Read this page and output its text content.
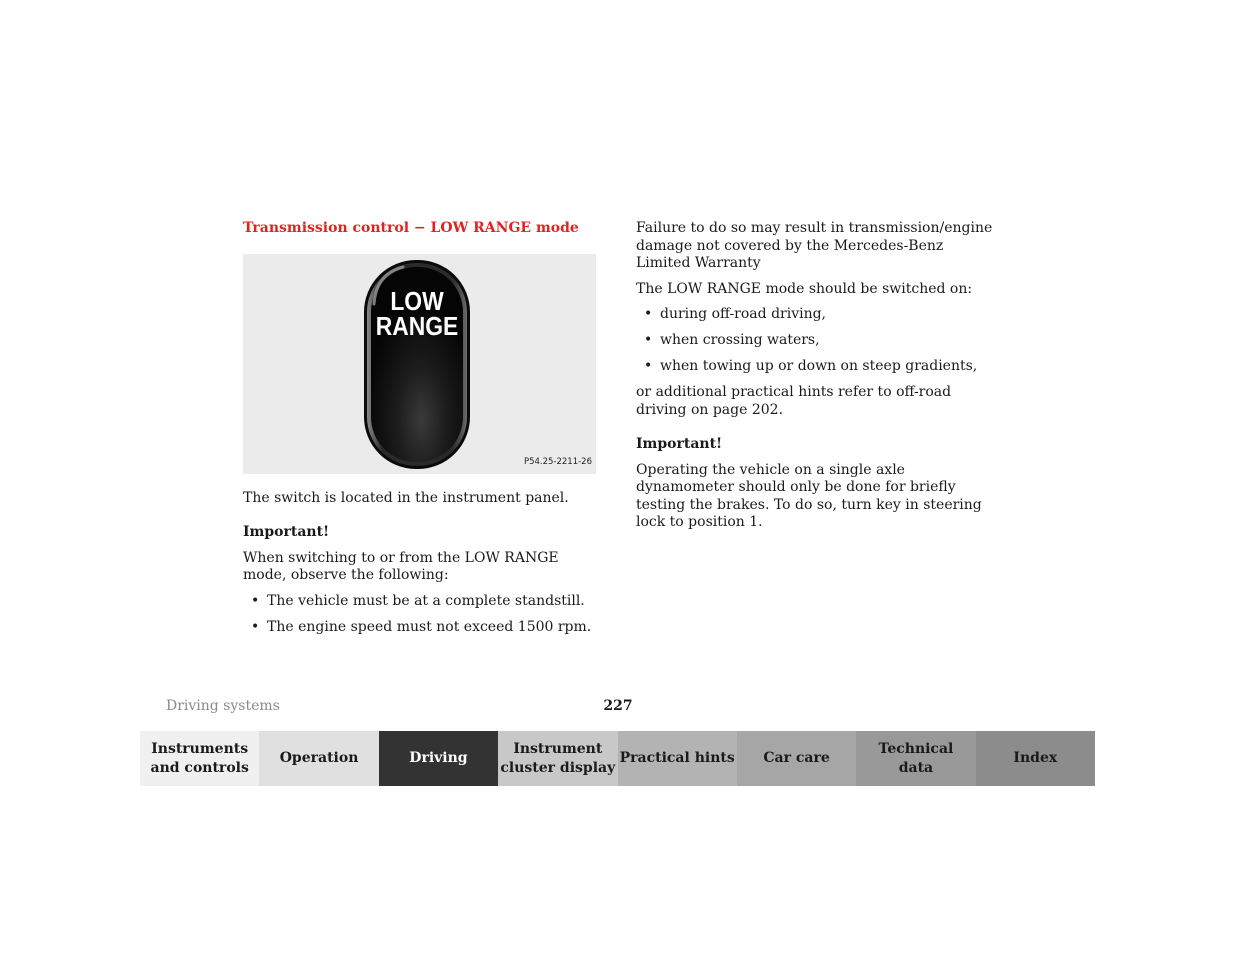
Transmission control − LOW RANGE mode
LOW
RANGE
P54.25-2211-26

The switch is located in the instrument panel.

Important!

When switching to or from the LOW RANGE mode, observe the following:

• The vehicle must be at a complete standstill.
• The engine speed must not exceed 1500 rpm.

Failure to do so may result in transmission/engine damage not covered by the Mercedes-Benz Limited Warranty

The LOW RANGE mode should be switched on:

• during off-road driving,
• when crossing waters,
• when towing up or down on steep gradients,

or additional practical hints refer to off-road driving on page 202.

Important!

Operating the vehicle on a single axle dynamometer should only be done for briefly testing the brakes. To do so, turn key in steering lock to position 1.

Driving systems	227
Instruments
and controls
Operation	Driving
Instrument
cluster display
Practical hints Car care
Technical
data
Index
